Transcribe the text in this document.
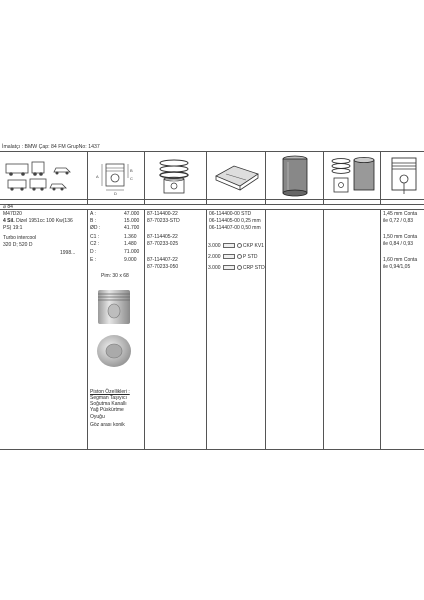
İmalatçı : BMW Çap: 84 FM GrupNo: 1437
A
B
C
D
⌀ 84
M47D20
4 Sil. Dizel 1951cc 100 Kw(136
PS) 19:1
Turbo intercool
320 D; 520 D
1998...
A :	47.000
B :	15.000
ØD :	41.700
C1 :	1.360
C2 :	1.480
D :	71.000
E :	9.000
Pim: 30 x 68
Piston Özellikleri :
Segman Taşıyıcı
Soğutma Kanallı
Yağ Püskürtme
Oyuğu
Göz arası konik
87-114400-22
87-70233-STD
87-114405-22
87-70233-025
87-114407-22
87-70233-050
06-114400-00 STD
06-114405-00 0,25 mm
06-114407-00 0,50 mm
3.000	CKP KV1
2.000	P STD
3.000	CRP STD
1,45 mm Conta
ile 0,72 / 0,83
1,50 mm Conta
ile 0,84 / 0,93
1,60 mm Conta
ile 0,94/1,05
